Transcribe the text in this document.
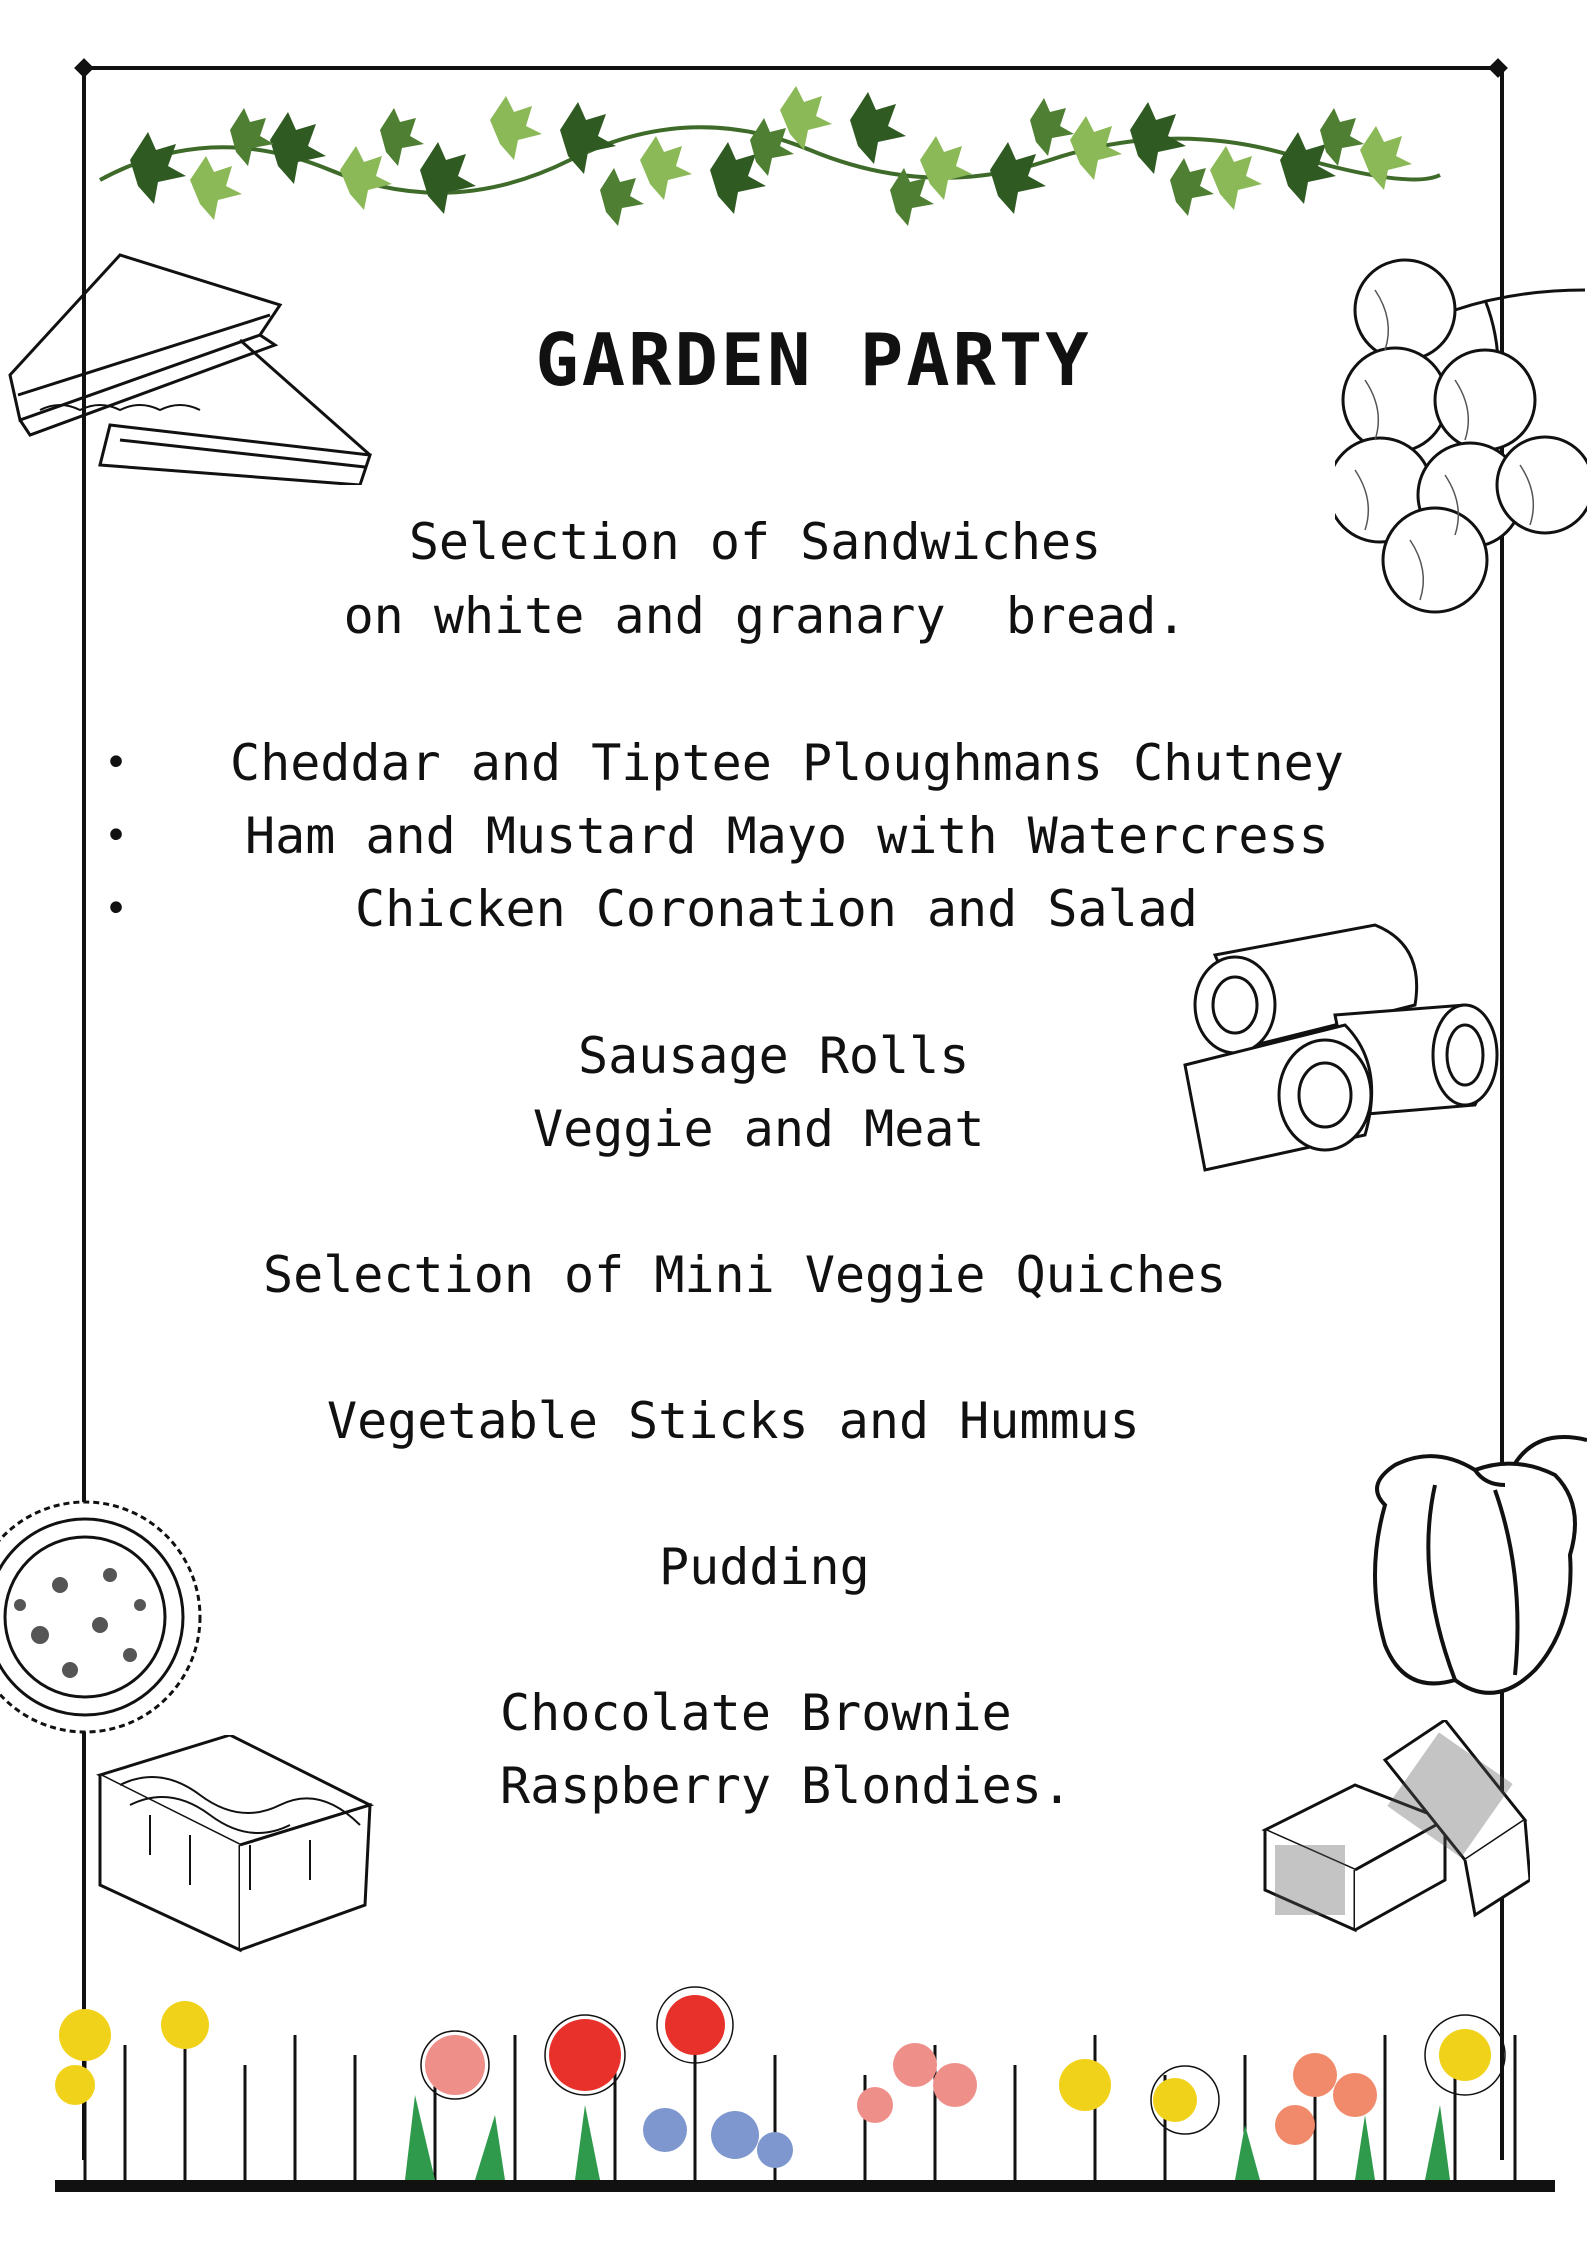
GARDEN PARTY

Selection of Sandwiches

on white and granary  bread.

• Cheddar and Tiptee Ploughmans Chutney

• Ham and Mustard Mayo with Watercress

•	Chicken Coronation and Salad

Sausage Rolls

Veggie and Meat

Selection of Mini Veggie Quiches

Vegetable Sticks and Hummus

Pudding

Chocolate Brownie

Raspberry Blondies.
